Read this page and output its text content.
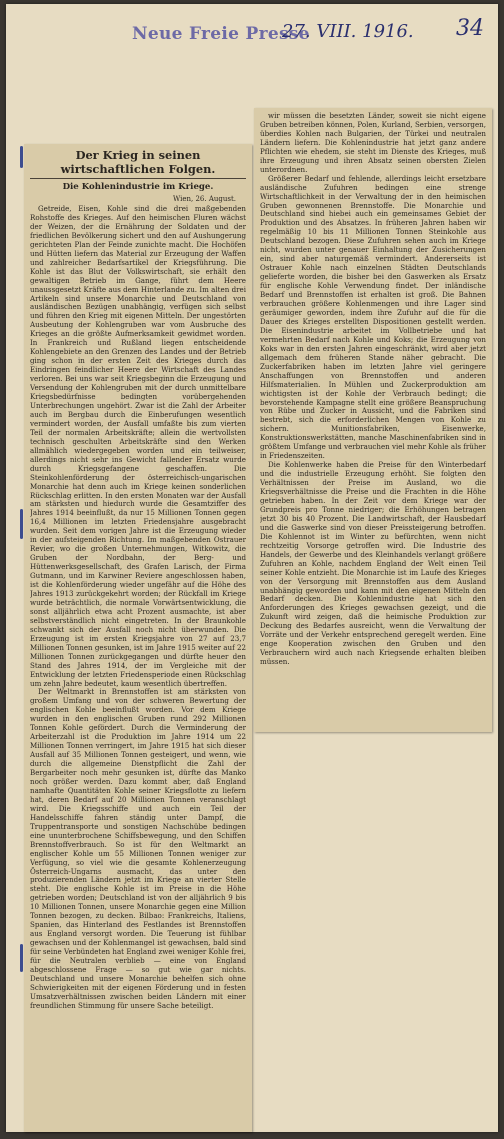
Neue Freie Presse
27. VIII. 1916. 34
Der Krieg in seinen wirtschaftlichen Folgen.
Die Kohlenindustrie im Kriege.
Wien, 26. August.

Getreide, Eisen, Kohle sind die drei maßgebenden Rohstoffe des Krieges. Auf den heimischen Fluren wächst der Weizen, der die Ernährung der Soldaten und der friedlichen Bevölkerung sichert und den auf Aushungerung gerichteten Plan der Feinde zunichte macht. Die Hochöfen und Hütten liefern das Material zur Erzeugung der Waffen und zahlreicher Bedarfsartikel der Kriegsführung. Die Kohle ist das Blut der Volkswirtschaft, sie erhält den gewaltigen Betrieb im Gange, führt dem Heere unaussgesetzt Kräfte aus dem Hinterlande zu. Im alten drei Artikeln sind unsere Monarchie und Deutschland von ausländischen Bezügen unabhängig, verfügen sich selbst und führen den Krieg mit eigenen Mitteln. Der ungestörten Ausbeutung der Kohlengruben war vom Ausbruche des Krieges an die größte Aufmerksamkeit gewidmet worden. In Frankreich und Rußland liegen entscheidende Kohlengebiete an den Grenzen des Landes und der Betrieb ging schon in der ersten Zeit des Krieges durch das Eindringen feindlicher Heere der Wirtschaft des Landes verloren. Bei uns war seit Kriegsbeginn die Erzeugung und Versendung der Kohlengruben mit der durch unmittelbare Kriegsbedürfnisse bedingten vorübergehenden Unterbrechungen ungehört. Zwar ist die Zahl der Arbeiter auch im Bergbau durch die Einberufungen wesentlich vermindert worden, der Ausfall umfaßte bis zum vierten Teil der normalen Arbeitskräfte; allein die wertvollsten technisch geschulten Arbeitskräfte sind den Werken allmählich wiedergegeben worden und ein teilweiser, allerdings nicht sehr ins Gewicht fallender Ersatz wurde durch Kriegsgefangene geschaffen. Die Steinkohlenförderung der österreichisch-ungarischen Monarchie hat denn auch im Kriege keinen sonderlichen Rückschlag erlitten. In den ersten Monaten war der Ausfall am stärksten und hiedurch wurde die Gesamtziffer des Jahres 1914 beeinflußt, da nur 15 Millionen Tonnen gegen 16,4 Millionen im letzten Friedensjahre ausgebracht wurden. Seit dem vorigen Jahre ist die Erzeugung wieder in der aufsteigenden Richtung. Im maßgebenden Ostrauer Revier, wo die großen Unternehmungen, Witkowitz, die Gruben der Nordbahn, der Berg- und Hüttenwerksgesellschaft, des Grafen Larisch, der Firma Gutmann, und im Karwiner Reviere angeschlossen haben, ist die Kohlenförderung wieder ungefähr auf die Höhe des Jahres 1913 zurückgekehrt worden; der Rückfall im Kriege wurde beträchtlich, die normale Vorwärtsentwicklung, die sonst alljährlich etwa acht Prozent ausmachte, ist aber selbstverständlich nicht eingetreten. In der Braunkohle schwankt sich der Ausfall noch nicht überwunden. Die Erzeugung ist im ersten Kriegsjahre von 27 auf 23,7 Millionen Tonnen gesunken, ist im Jahre 1915 weiter auf 22 Millionen Tonnen zurückgegangen und dürfte heuer den Stand des Jahres 1914, der im Vergleiche mit der Entwicklung der letzten Friedensperiode einen Rückschlag um zehn Jahre bedeutet, kaum wesentlich übertreffen.

Der Weltmarkt in Brennstoffen ist am stärksten von großem Umfang und von der schweren Bewertung der englischen Kohle beeinflußt worden. Vor dem Kriege wurden in den englischen Gruben rund 292 Millionen Tonnen Kohle gefördert. Durch die Verminderung der Arbeiterzahl ist die Produktion im Jahre 1914 um 22 Millionen Tonnen verringert, im Jahre 1915 hat sich dieser Ausfall auf 35 Millionen Tonnen gesteigert, und wenn, wie durch die allgemeine Dienstpflicht die Zahl der Bergarbeiter noch mehr gesunken ist, dürfte das Manko noch größer werden. Dazu kommt aber, daß England namhafte Quantitäten Kohle seiner Kriegsflotte zu liefern hat, deren Bedarf auf 20 Millionen Tonnen veranschlagt wird. Die Kriegsschiffe und auch ein Teil der Handelsschiffe fahren ständig unter Dampf, die Truppentransporte und sonstigen Nachschübe bedingen eine ununterbrochene Schiffsbewegung, und den Schiffen Brennstoffverbrauch. So ist für den Weltmarkt an englischer Kohle um 55 Millionen Tonnen weniger zur Verfügung, so viel wie die gesamte Kohlenerzeugung Österreich-Ungarns ausmacht, das unter den produzierenden Ländern jetzt im Kriege an vierter Stelle steht. Die englische Kohle ist im Preise in die Höhe getrieben worden; Deutschland ist von der alljährlich 9 bis 10 Millionen Tonnen, unsere Monarchie gegen eine Million Tonnen bezogen, zu decken. Bilbao: Frankreichs, Italiens, Spanien, das Hinterland des Festlandes ist Brennstoffen aus England versorgt worden. Die Teuerung ist fühlbar gewachsen und der Kohlenmangel ist gewachsen, bald sind für seine Verbündeten hat England zwei weniger Kohle frei, für die Neutralen verblieb — eine von England abgeschlossene Frage — so gut wie gar nichts. Deutschland und unsere Monarchie behelfen sich ohne Schwierigkeiten mit der eigenen Förderung und in festen Umsatzverhältnissen zwischen beiden Ländern mit einer freundlichen Stimmung für unsere Sache beteiligt.

wir müssen die besetzten Länder, soweit sie nicht eigene Gruben betreiben können, Polen, Kurland, Serbien, versorgen, überdies Kohlen nach Bulgarien, der Türkei und neutralen Ländern liefern. Die Kohlenindustrie hat jetzt ganz andere Pflichten wie ehedem, sie steht im Dienste des Krieges, muß ihre Erzeugung und ihren Absatz seinen obersten Zielen unterordnen.

Größerer Bedarf und fehlende, allerdings leicht ersetzbare ausländische Zufuhren bedingen eine strenge Wirtschaftlichkeit in der Verwaltung der in den heimischen Gruben gewonnenen Brennstoffe. Die Monarchie und Deutschland sind hiebei auch ein gemeinsames Gebiet der Produktion und des Absatzes. In früheren Jahren haben wir regelmäßig 10 bis 11 Millionen Tonnen Steinkohle aus Deutschland bezogen. Diese Zufuhren sehen auch im Kriege nicht, wurden unter genauer Einhaltung der Zusicherungen ein, sind aber naturgemäß vermindert. Andererseits ist Ostrauer Kohle nach einzelnen Städten Deutschlands gelieferte worden, die bisher bei den Gaswerken als Ersatz für englische Kohle Verwendung findet. Der inländische Bedarf und Brennstoffen ist erhalten ist groß. Die Bahnen verbrauchen größere Kohlenmengen und ihre Lager sind geräumiger geworden, indem ihre Zufuhr auf die für die Dauer des Krieges erstellten Dispositionen gestellt werden. Die Eisenindustrie arbeitet im Vollbetriebe und hat vermehrten Bedarf nach Kohle und Koks; die Erzeugung von Koks war in den ersten Jahren eingeschränkt, wird aber jetzt allgemach dem früheren Stande näher gebracht. Die Zuckerfabriken haben im letzten Jahre viel geringere Anschaffungen von Brennstoffen und anderen Hilfsmaterialien. In Mühlen und Zuckerproduktion am wichtigsten ist der Kohle der Verbrauch bedingt; die bevorstehende Kampagne stellt eine größere Beanspruchung von Rübe und Zucker in Aussicht, und die Fabriken sind bestrebt, sich die erforderlichen Mengen von Kohle zu sichern. Munitionsfabriken, Eisenwerke, Konstruktionswerkstätten, manche Maschinenfabriken sind in größtem Umfange und verbrauchen viel mehr Kohle als früher in Friedenszeiten.

Die Kohlenwerke haben die Preise für den Winterbedarf und die industrielle Erzeugung erhöht. Sie folgten den Verhältnissen der Preise im Ausland, wo die Kriegsverhältnisse die Preise und die Frachten in die Höhe getrieben haben. In der Zeit vor dem Kriege war der Grundpreis pro Tonne niedriger; die Erhöhungen betragen jetzt 30 bis 40 Prozent. Die Landwirtschaft, der Hausbedarf und die Gaswerke sind von dieser Preissteigerung betroffen. Die Kohlennot ist im Winter zu befürchten, wenn nicht rechtzeitig Vorsorge getroffen wird. Die Industrie des Handels, der Gewerbe und des Kleinhandels verlangt größere Zufuhren an Kohle, nachdem England der Welt einen Teil seiner Kohle entzieht. Die Monarchie ist im Laufe des Krieges von der Versorgung mit Brennstoffen aus dem Ausland unabhängig geworden und kann mit den eigenen Mitteln den Bedarf decken. Die Kohlenindustrie hat sich den Anforderungen des Krieges gewachsen gezeigt, und die Zukunft wird zeigen, daß die heimische Produktion zur Deckung des Bedarfes ausreicht, wenn die Verwaltung der Vorräte und der Verkehr entsprechend geregelt werden. Eine enge Kooperation zwischen den Gruben und den Verbrauchern wird auch nach Kriegsende erhalten bleiben müssen.
